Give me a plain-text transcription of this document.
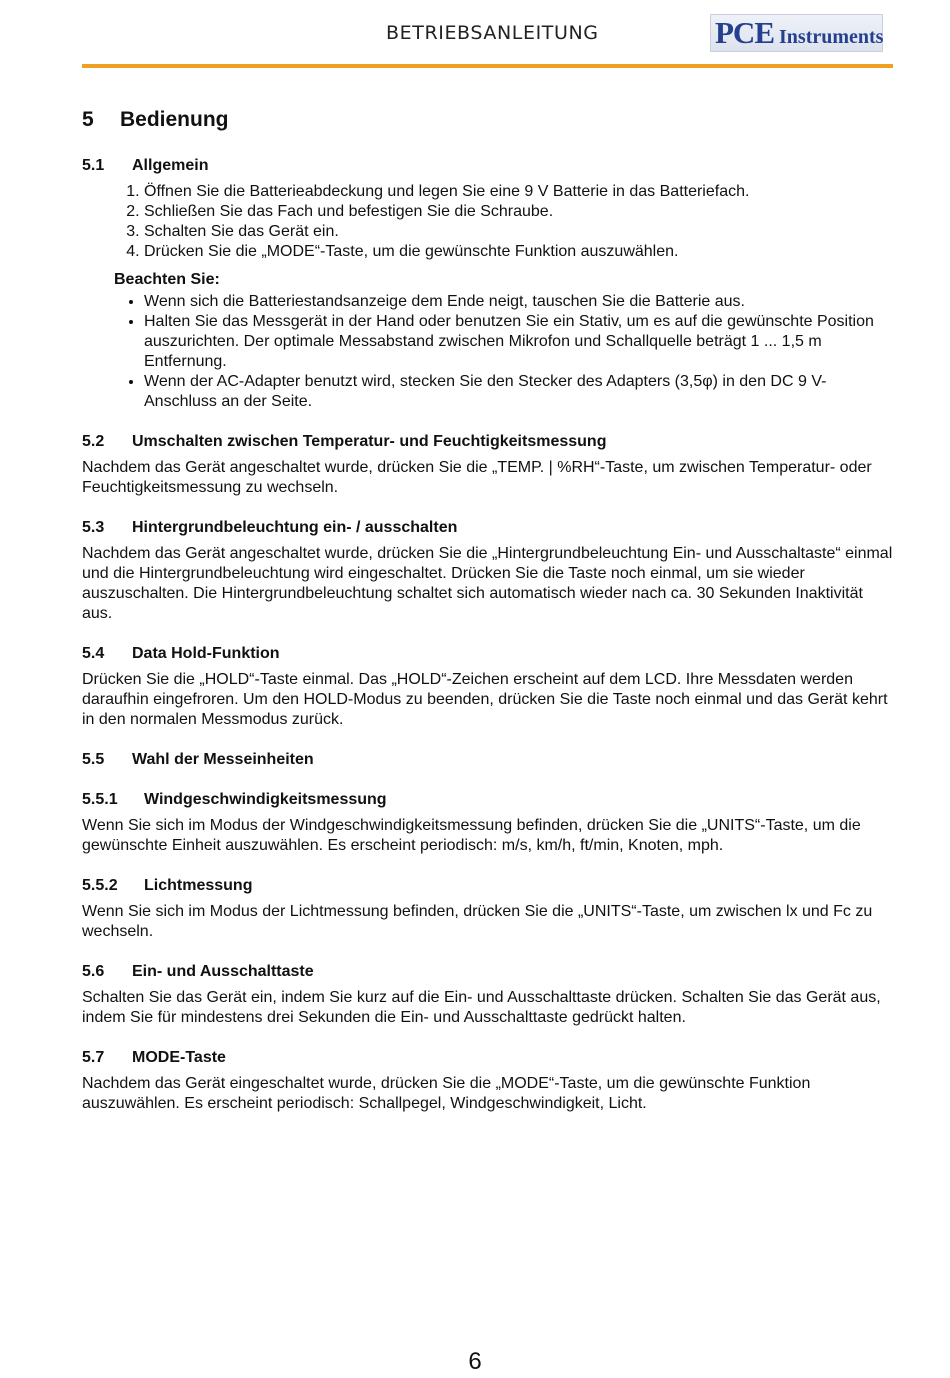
BETRIEBSANLEITUNG	PCE Instruments
5 Bedienung
5.1 Allgemein
1. Öffnen Sie die Batterieabdeckung und legen Sie eine 9 V Batterie in das Batteriefach.
2. Schließen Sie das Fach und befestigen Sie die Schraube.
3. Schalten Sie das Gerät ein.
4. Drücken Sie die „MODE“-Taste, um die gewünschte Funktion auszuwählen.
Beachten Sie:
• Wenn sich die Batteriestandsanzeige dem Ende neigt, tauschen Sie die Batterie aus.
• Halten Sie das Messgerät in der Hand oder benutzen Sie ein Stativ, um es auf die gewünschte Position auszurichten. Der optimale Messabstand zwischen Mikrofon und Schallquelle beträgt 1 ... 1,5 m Entfernung.
• Wenn der AC-Adapter benutzt wird, stecken Sie den Stecker des Adapters (3,5φ) in den DC 9 V-Anschluss an der Seite.
5.2 Umschalten zwischen Temperatur- und Feuchtigkeitsmessung

Nachdem das Gerät angeschaltet wurde, drücken Sie die „TEMP. | %RH“-Taste, um zwischen Temperatur- oder Feuchtigkeitsmessung zu wechseln.

5.3 Hintergrundbeleuchtung ein- / ausschalten

Nachdem das Gerät angeschaltet wurde, drücken Sie die „Hintergrundbeleuchtung Ein- und Ausschaltaste“ einmal und die Hintergrundbeleuchtung wird eingeschaltet. Drücken Sie die Taste noch einmal, um sie wieder auszuschalten. Die Hintergrundbeleuchtung schaltet sich automatisch wieder nach ca. 30 Sekunden Inaktivität aus.

5.4 Data Hold-Funktion

Drücken Sie die „HOLD“-Taste einmal. Das „HOLD“-Zeichen erscheint auf dem LCD. Ihre Messdaten werden daraufhin eingefroren. Um den HOLD-Modus zu beenden, drücken Sie die Taste noch einmal und das Gerät kehrt in den normalen Messmodus zurück.

5.5 Wahl der Messeinheiten
5.5.1 Windgeschwindigkeitsmessung

Wenn Sie sich im Modus der Windgeschwindigkeitsmessung befinden, drücken Sie die „UNITS“-Taste, um die gewünschte Einheit auszuwählen. Es erscheint periodisch: m/s, km/h, ft/min, Knoten, mph.

5.5.2 Lichtmessung

Wenn Sie sich im Modus der Lichtmessung befinden, drücken Sie die „UNITS“-Taste, um zwischen lx und Fc zu wechseln.

5.6 Ein- und Ausschalttaste

Schalten Sie das Gerät ein, indem Sie kurz auf die Ein- und Ausschalttaste drücken. Schalten Sie das Gerät aus, indem Sie für mindestens drei Sekunden die Ein- und Ausschalttaste gedrückt halten.

5.7 MODE-Taste

Nachdem das Gerät eingeschaltet wurde, drücken Sie die „MODE“-Taste, um die gewünschte Funktion auszuwählen. Es erscheint periodisch: Schallpegel, Windgeschwindigkeit, Licht.

6
